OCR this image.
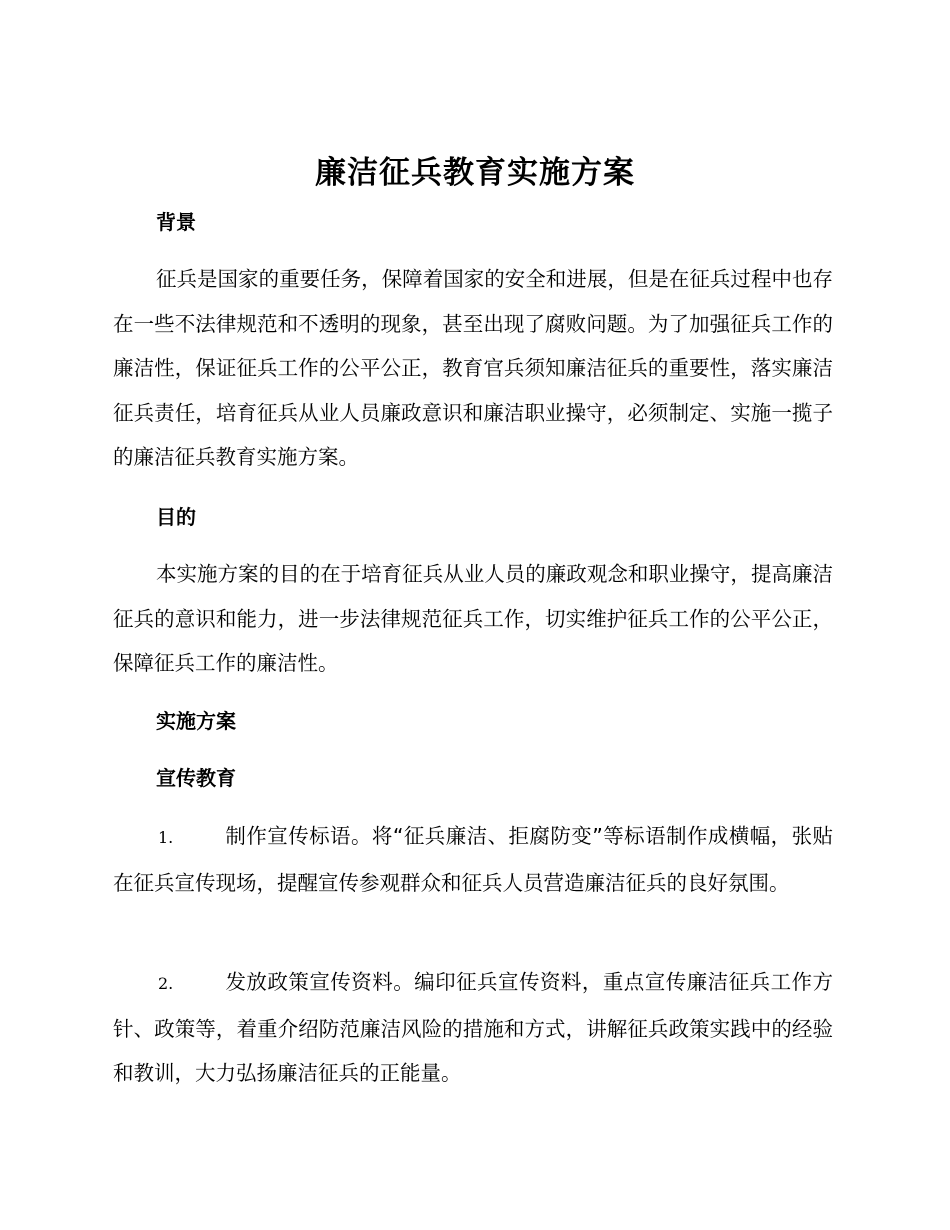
廉洁征兵教育实施方案
背景
征兵是国家的重要任务，保障着国家的安全和进展，但是在征兵过程中也存在一些不法律规范和不透明的现象，甚至出现了腐败问题。为了加强征兵工作的廉洁性，保证征兵工作的公平公正，教育官兵须知廉洁征兵的重要性，落实廉洁征兵责任，培育征兵从业人员廉政意识和廉洁职业操守，必须制定、实施一揽子的廉洁征兵教育实施方案。
目的
本实施方案的目的在于培育征兵从业人员的廉政观念和职业操守，提高廉洁征兵的意识和能力，进一步法律规范征兵工作，切实维护征兵工作的公平公正，保障征兵工作的廉洁性。
实施方案
宣传教育
1.	制作宣传标语。将“征兵廉洁、拒腐防变”等标语制作成横幅，张贴在征兵宣传现场，提醒宣传参观群众和征兵人员营造廉洁征兵的良好氛围。
2.	发放政策宣传资料。编印征兵宣传资料，重点宣传廉洁征兵工作方针、政策等，着重介绍防范廉洁风险的措施和方式，讲解征兵政策实践中的经验和教训，大力弘扬廉洁征兵的正能量。
